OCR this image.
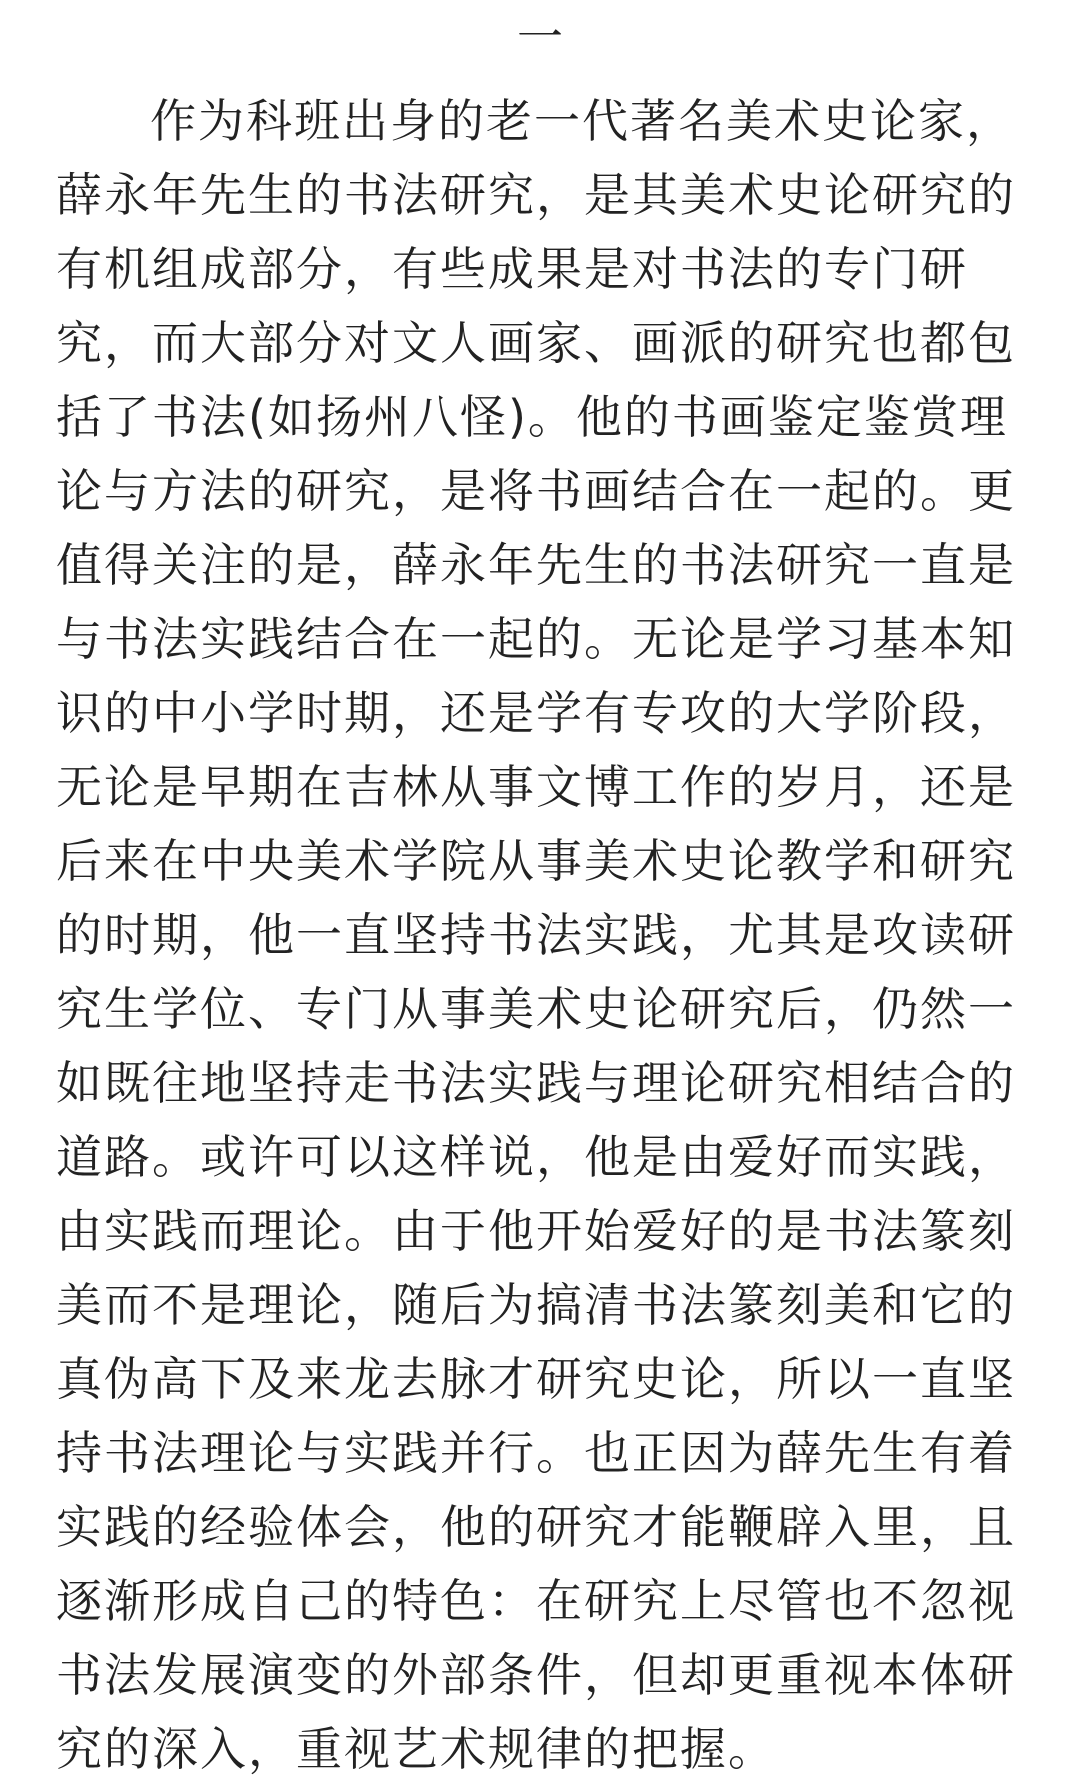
一
作为科班出身的老一代著名美术史论家，
薛永年先生的书法研究，是其美术史论研究的
有机组成部分，有些成果是对书法的专门研
究，而大部分对文人画家、画派的研究也都包
括了书法(如扬州八怪)。他的书画鉴定鉴赏理
论与方法的研究，是将书画结合在一起的。更
值得关注的是，薛永年先生的书法研究一直是
与书法实践结合在一起的。无论是学习基本知
识的中小学时期，还是学有专攻的大学阶段，
无论是早期在吉林从事文博工作的岁月，还是
后来在中央美术学院从事美术史论教学和研究
的时期，他一直坚持书法实践，尤其是攻读研
究生学位、专门从事美术史论研究后，仍然一
如既往地坚持走书法实践与理论研究相结合的
道路。或许可以这样说，他是由爱好而实践，
由实践而理论。由于他开始爱好的是书法篆刻
美而不是理论，随后为搞清书法篆刻美和它的
真伪高下及来龙去脉才研究史论，所以一直坚
持书法理论与实践并行。也正因为薛先生有着
实践的经验体会，他的研究才能鞭辟入里，且
逐渐形成自己的特色：在研究上尽管也不忽视
书法发展演变的外部条件，但却更重视本体研
究的深入，重视艺术规律的把握。
